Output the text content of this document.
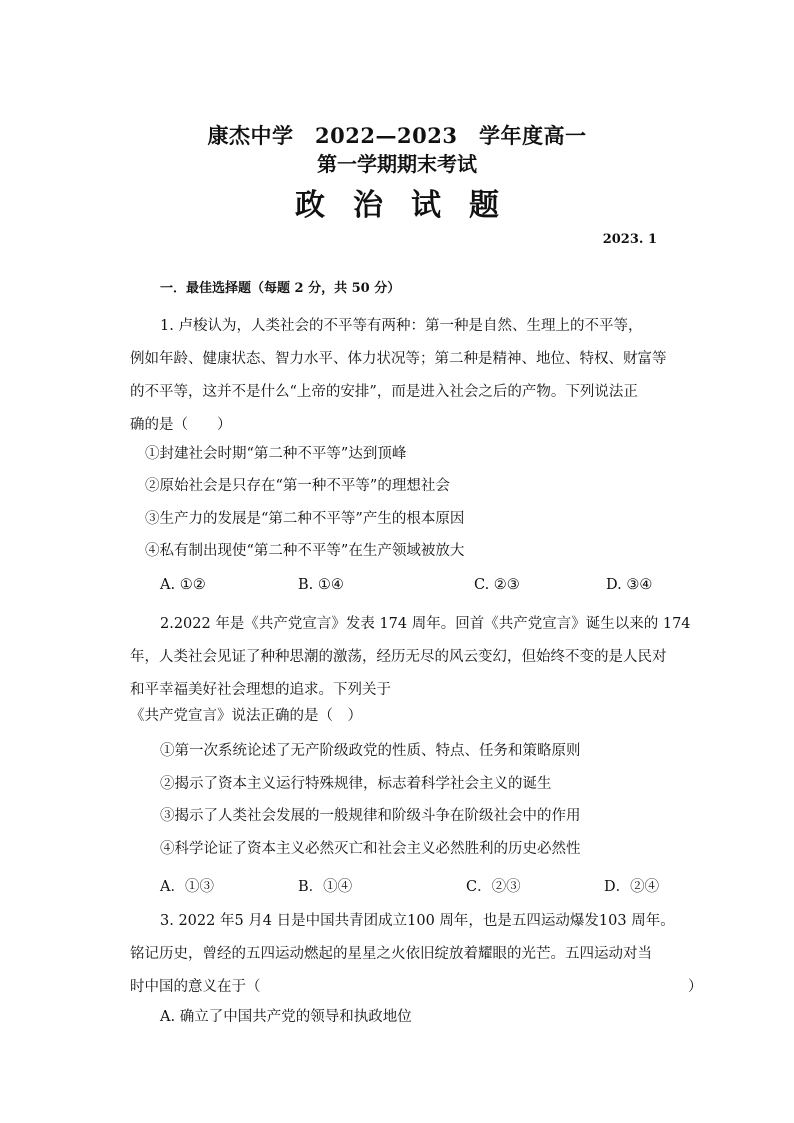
康杰中学　2022—2023　学年度高一
第一学期期末考试
政治试题
2023. 1
一．最佳选择题（每题 2 分，共 50 分）
1. 卢梭认为，人类社会的不平等有两种：第一种是自然、生理上的不平等，
例如年龄、健康状态、智力水平、体力状况等；第二种是精神、地位、特权、财富等
的不平等，这并不是什么“上帝的安排”，而是进入社会之后的产物。下列说法正
确的是（　　）
①封建社会时期“第二种不平等”达到顶峰
②原始社会是只存在“第一种不平等”的理想社会
③生产力的发展是“第二种不平等”产生的根本原因
④私有制出现使“第二种不平等”在生产领域被放大
A. ①②	B. ①④	C. ②③	D. ③④
2.2022 年是《共产党宣言》发表 174 周年。回首《共产党宣言》诞生以来的 174
年，人类社会见证了种种思潮的激荡，经历无尽的风云变幻，但始终不变的是人民对
和平幸福美好社会理想的追求。下列关于
《共产党宣言》说法正确的是（　）
①第一次系统论述了无产阶级政党的性质、特点、任务和策略原则
②揭示了资本主义运行特殊规律，标志着科学社会主义的诞生
③揭示了人类社会发展的一般规律和阶级斗争在阶级社会中的作用
④科学论证了资本主义必然灭亡和社会主义必然胜利的历史必然性
A．①③	B．①④	C．②③	D．②④
3. 2022 年5 月4 日是中国共青团成立100 周年，也是五四运动爆发103 周年。
铭记历史，曾经的五四运动燃起的星星之火依旧绽放着耀眼的光芒。五四运动对当
时中国的意义在于（	）
A. 确立了中国共产党的领导和执政地位
